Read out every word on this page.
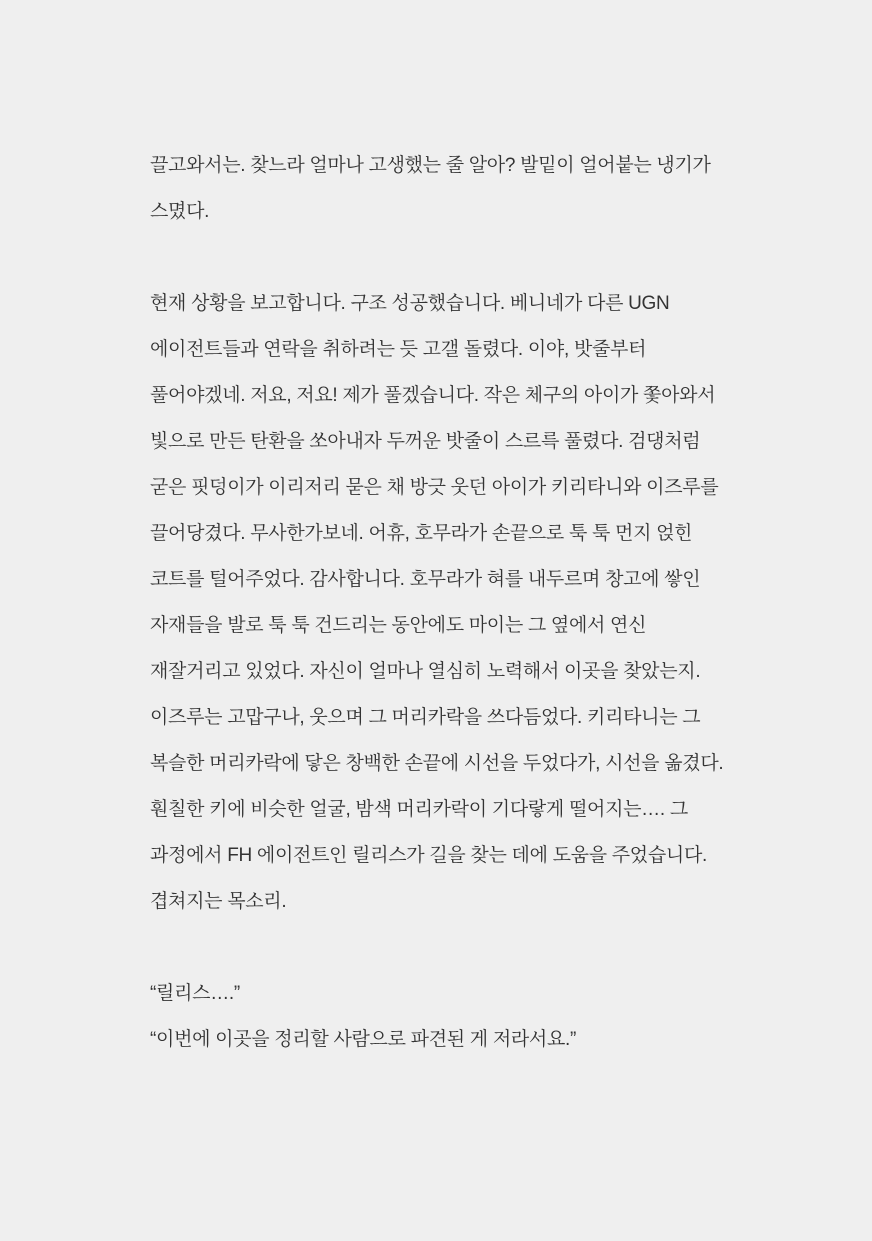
끌고와서는. 찾느라 얼마나 고생했는 줄 알아? 발밑이 얼어붙는 냉기가
스몄다.
현재 상황을 보고합니다. 구조 성공했습니다. 베니네가 다른 UGN
에이전트들과 연락을 취하려는 듯 고갤 돌렸다. 이야, 밧줄부터
풀어야겠네. 저요, 저요! 제가 풀겠습니다. 작은 체구의 아이가 쫓아와서
빛으로 만든 탄환을 쏘아내자 두꺼운 밧줄이 스르륵 풀렸다. 검댕처럼
굳은 핏덩이가 이리저리 묻은 채 방긋 웃던 아이가 키리타니와 이즈루를
끌어당겼다. 무사한가보네. 어휴, 호무라가 손끝으로 툭 툭 먼지 얹힌
코트를 털어주었다. 감사합니다. 호무라가 혀를 내두르며 창고에 쌓인
자재들을 발로 툭 툭 건드리는 동안에도 마이는 그 옆에서 연신
재잘거리고 있었다. 자신이 얼마나 열심히 노력해서 이곳을 찾았는지.
이즈루는 고맙구나, 웃으며 그 머리카락을 쓰다듬었다. 키리타니는 그
복슬한 머리카락에 닿은 창백한 손끝에 시선을 두었다가, 시선을 옮겼다.
훤칠한 키에 비슷한 얼굴, 밤색 머리카락이 기다랗게 떨어지는…. 그
과정에서 FH 에이전트인 릴리스가 길을 찾는 데에 도움을 주었습니다.
겹쳐지는 목소리.
“릴리스….”
“이번에 이곳을 정리할 사람으로 파견된 게 저라서요.”
